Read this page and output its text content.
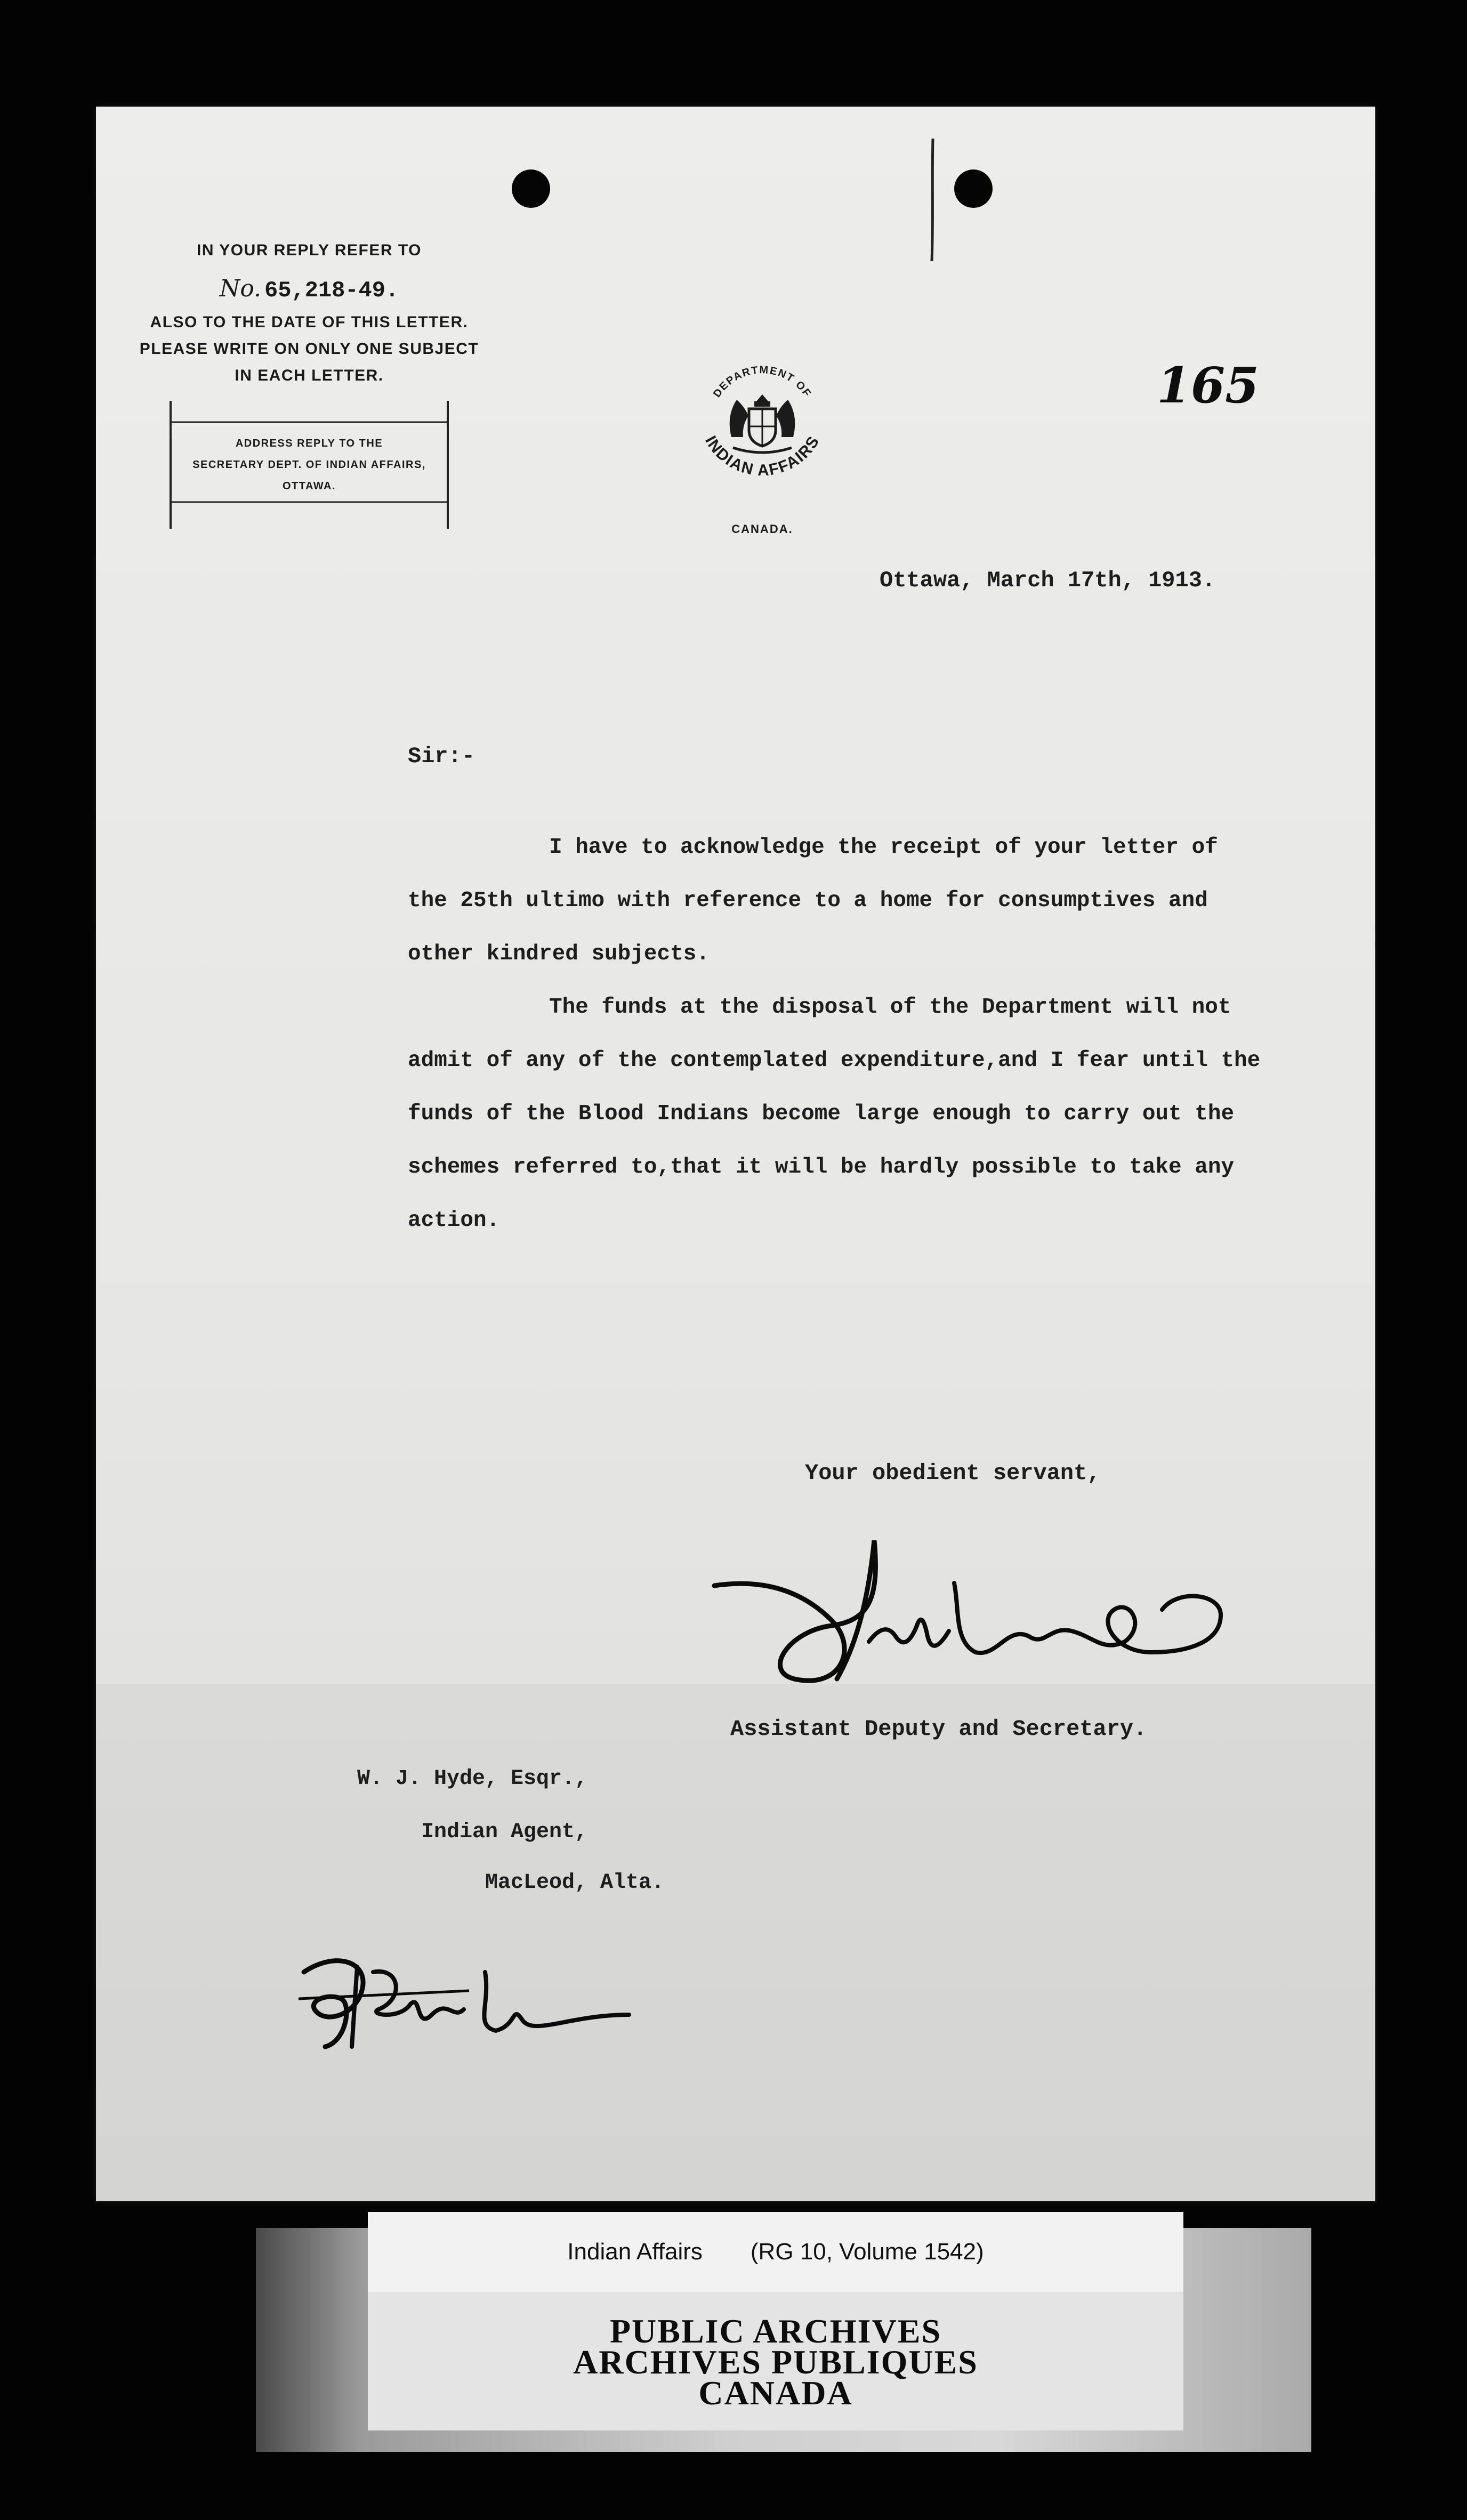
IN YOUR REPLY REFER TO
No. 65,218-49.
ALSO TO THE DATE OF THIS LETTER.
PLEASE WRITE ON ONLY ONE SUBJECT
IN EACH LETTER.
ADDRESS REPLY TO THE
SECRETARY DEPT. OF INDIAN AFFAIRS,
OTTAWA.
DEPARTMENT OF
INDIAN AFFAIRS
CANADA.
165
Ottawa, March 17th, 1913.
Sir:-
I have to acknowledge the receipt of your letter of
the 25th ultimo with reference to a home for consumptives and
other kindred subjects.
The funds at the disposal of the Department will not
admit of any of the contemplated expenditure,and I fear until the
funds of the Blood Indians become large enough to carry out the
schemes referred to,that it will be hardly possible to take any
action.
Your obedient servant,
Assistant Deputy and Secretary.
W. J. Hyde, Esqr.,
Indian Agent,
MacLeod, Alta.
Indian Affairs (RG 10, Volume 1542)
PUBLIC ARCHIVES
ARCHIVES PUBLIQUES
CANADA
